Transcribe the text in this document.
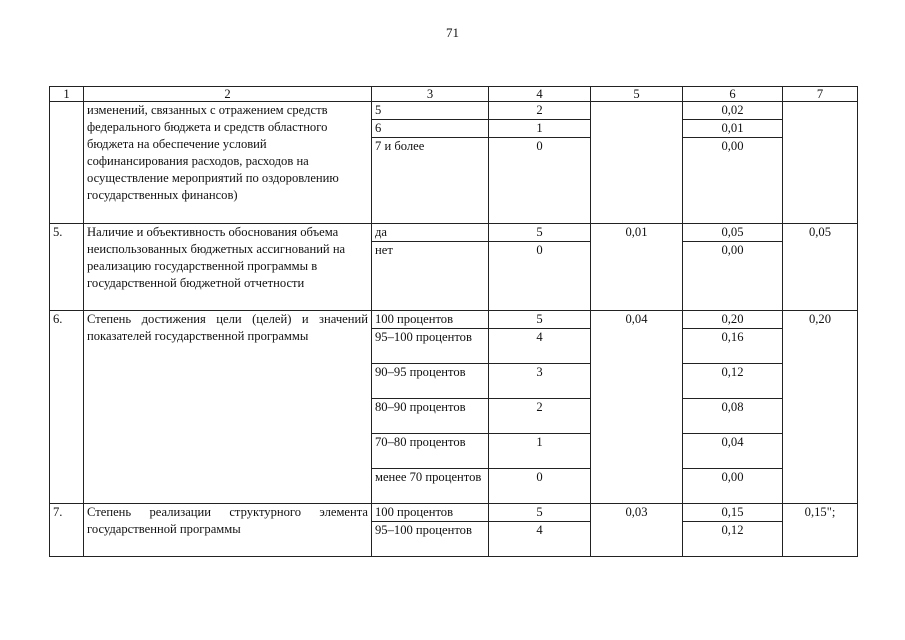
71
1	2	3	4	5	6	7

	изменений, связанных с отражением средств федерального бюджета и средств областного бюджета на обеспечение условий софинансирования расходов, расходов на осуществление мероприятий по оздоровлению государственных финансов)	5	2		0,02	
		6	1		0,01	
		7 и более	0		0,00	
5.	Наличие и объективность обоснования объема неиспользованных бюджетных ассигнований на реализацию государственной программы в государственной бюджетной отчетности	да	5	0,01	0,05	0,05
		нет	0		0,00	
6.	Степень достижения цели (целей) и значений показателей государственной программы	100 процентов	5	0,04	0,20	0,20
		95–100 процентов	4		0,16	
		90–95 процентов	3		0,12	
		80–90 процентов	2		0,08	
		70–80 процентов	1		0,04	
		менее 70 процентов	0		0,00	
7.	Степень реализации структурного элемента государственной программы	100 процентов	5	0,03	0,15	0,15";
		95–100 процентов	4		0,12	
